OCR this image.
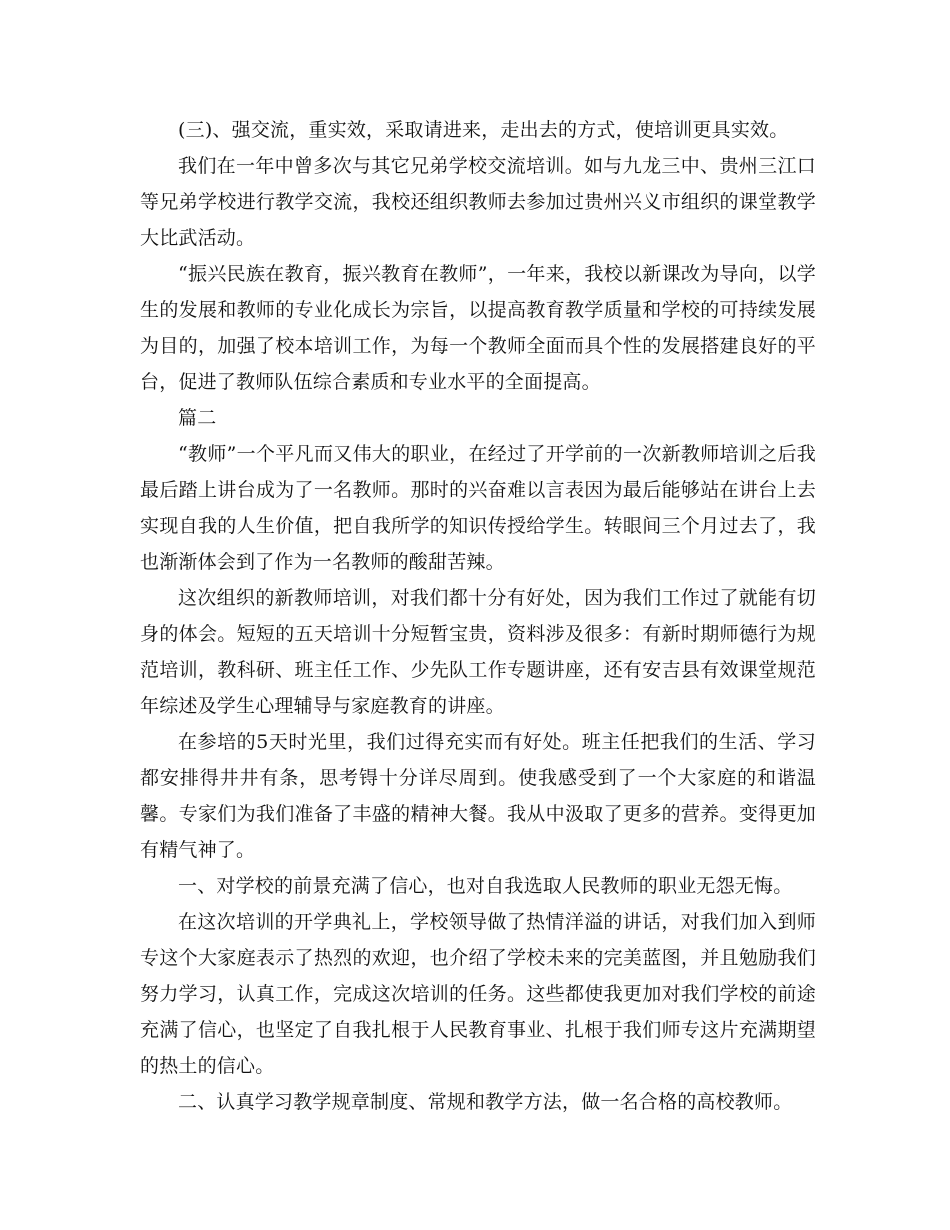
(三)、强交流，重实效，采取请进来，走出去的方式，使培训更具实效。

我们在一年中曾多次与其它兄弟学校交流培训。如与九龙三中、贵州三江口等兄弟学校进行教学交流，我校还组织教师去参加过贵州兴义市组织的课堂教学大比武活动。

“振兴民族在教育，振兴教育在教师”，一年来，我校以新课改为导向，以学生的发展和教师的专业化成长为宗旨，以提高教育教学质量和学校的可持续发展为目的，加强了校本培训工作，为每一个教师全面而具个性的发展搭建良好的平台，促进了教师队伍综合素质和专业水平的全面提高。

篇二

“教师”一个平凡而又伟大的职业，在经过了开学前的一次新教师培训之后我最后踏上讲台成为了一名教师。那时的兴奋难以言表因为最后能够站在讲台上去实现自我的人生价值，把自我所学的知识传授给学生。转眼间三个月过去了，我也渐渐体会到了作为一名教师的酸甜苦辣。

这次组织的新教师培训，对我们都十分有好处，因为我们工作过了就能有切身的体会。短短的五天培训十分短暂宝贵，资料涉及很多：有新时期师德行为规范培训，教科研、班主任工作、少先队工作专题讲座，还有安吉县有效课堂规范年综述及学生心理辅导与家庭教育的讲座。

在参培的5天时光里，我们过得充实而有好处。班主任把我们的生活、学习都安排得井井有条，思考锝十分详尽周到。使我感受到了一个大家庭的和谐温馨。专家们为我们准备了丰盛的精神大餐。我从中汲取了更多的营养。变得更加有精气神了。

一、对学校的前景充满了信心，也对自我选取人民教师的职业无怨无悔。

在这次培训的开学典礼上，学校领导做了热情洋溢的讲话，对我们加入到师专这个大家庭表示了热烈的欢迎，也介绍了学校未来的完美蓝图，并且勉励我们努力学习，认真工作，完成这次培训的任务。这些都使我更加对我们学校的前途充满了信心，也坚定了自我扎根于人民教育事业、扎根于我们师专这片充满期望的热土的信心。

二、认真学习教学规章制度、常规和教学方法，做一名合格的高校教师。
